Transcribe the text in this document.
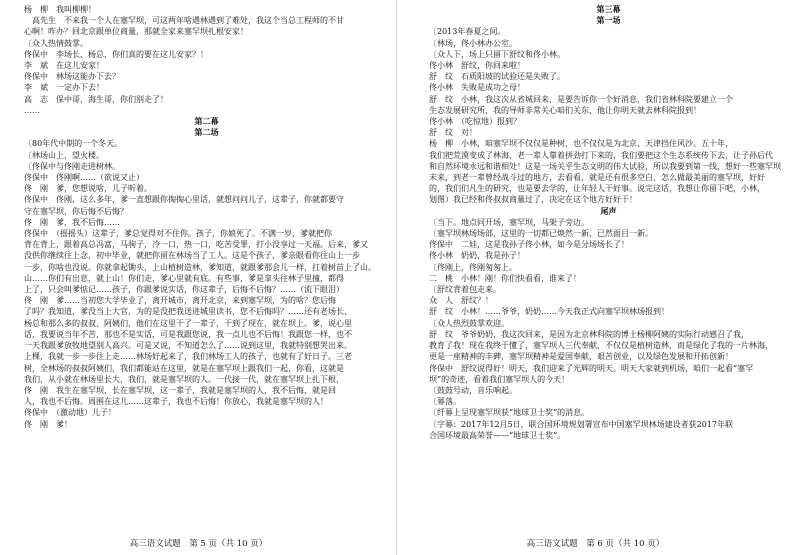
杨　柳　我叫柳柳！
高先生　不来我一个人在塞罕坝，可这两年啥遇林遇到了难处，我这个当总工程师的不甘
心啊！咋办？回北京跟单位商量，那就全家来塞罕坝扎根安家！
〔众人热情鼓掌。
佟保中　李场长、杨总，你们真的要在这儿安家？！
李　斌　在这儿安家！
佟保中　林场这能办下去？
李　斌　一定办下去！
高　志　保中哥，海生哥，你们别走了！
……
第二幕
第二场
〔80年代中期的一个冬天。
〔林场山上，望火楼。
〔佟保中与佟刚走进树林。
佟保中　佟刚啊……（欲说又止）
佟　刚　爹，您想说啥，儿子听着。
佟保中　佟刚，这么多年，爹一直想跟你掏掏心里话，就想问问儿子，这辈子，你就都要守
守在塞罕坝，你后悔不后悔？
佟　刚　爹，我不后悔……
佟保中　（摇摇头）这辈子，爹总觉得对不住你。孩子，你娘死了。不满一岁，爹就把你
背在背上，跟着高总冯富，马驹子，冷一口，热一口，吃苦受罪，打小没享过一天福。后来，爹又
没供你继续往上念，初中毕业，就把你留在林场当了工人。这是个孩子，爹亲眼看你往山上一步
一步，你啥也没说。你就拿起锄头，上山植树造林，爹知道，就跟爹那会儿一样，扛着树苗上了山。
山……你们有出息，就上山！你们走，爹心里就有底。有些事，爹是拿头往林子里撞，都得
上了，只会叫爹惦记……孩子，你跟爹说实话，你这辈子，后悔不后悔？……（流下眼泪）
佟　刚　爹……当初您大学毕业了，离开城市，离开北京，来到塞罕坝，为的啥？您后悔
了吗？我知道，爹没当上大官，为的是没把我送进城里读书，您不后悔吗？……还有老场长、
杨总和那么多的叔叔、阿姨们，他们在这里干了一辈子，干到了现在，就在坝上。爹，说心里
话，我要说当年不苦，那也不是实话，可是我跟您说，我一点儿也不后悔！我跟您一样，也不
一天我跟爹放牧地望别人高兴。可是又说，不知道怎么了……说到这里，我就特别想哭出来。
上棵，我就一步一步往上走……林场好起来了，我们林场工人的孩子，也就有了好日子。三老
树，全林场的叔叔阿姨们，我们都能站在这里，就是在塞罕坝上跟我们一起，你看，这就是
我们，从小就在林场里长大，我们，就是塞罕坝的人。一代接一代，就在塞罕坝上扎下根，
佟　刚　我生在塞罕坝，长在塞罕坝，这一辈子，我就是塞罕坝的人，我不后悔，就是回
人，我也不后悔。周围在这儿……这辈子，我也不后悔！你放心，我就是塞罕坝的人！
佟保中　（激动地）儿子！
佟　刚　爹！
高三语文试题　第 5 页（共 10 页）
第三幕
第一场
〔2013年春夏之间。
〔林场，佟小林办公室。
〔众人下，场上只留下舒纹和佟小林。
佟小林　舒纹，你回来啦！
舒　纹　石质阳坡的试验还是失败了。
佟小林　失败是成功之母！
舒　纹　小林，我这次从省城回来，是要告诉你一个好消息，我们省林科院要建立一个
生态发展研究所，我的导师非常关心咱们关东，他让你明天就去林科院报到！
佟小林　（吃惊地）报到？
舒　纹　对！
杨　柳　小林，咱塞罕坝不仅仅是种树，也不仅仅是为北京、天津挡住风沙。五十年，
我们把荒漠变成了林海，老一辈人靠着拼劲打下来的，我们要把这个生态系统传下去，让子孙后代
和自然环境永远和谐相处！这是一场关乎生态文明的伟大试验，所以我要到第一线，想好一些塞罕坝
未来，到老一辈曾经战斗过的地方，去看看，就是还有很多空白，怎么做最美丽的塞罕坝，好好
的，我们们凡生的研究，也是要去学的，让年轻人干好事。说完这话，我想让你留下吧，小林，
划图）我已经和佟叔叔商量过了，决定在这个地方好好干！
尾声
〔当下。地点同开场，塞罕坝，马架子旁边。
〔塞罕坝林场场部，这里的一切都已焕然一新，已然面目一新。
佟保中　二娃，这是我孙子佟小林，如今是分场场长了！
佟小林　奶奶，我是孙子！
〔佟刚上，佟刚匆匆上。
二　桃　小林！刚！你们快看看，谁来了！
〔舒纹背着包走来。
众　人　舒纹？！
舒　纹　小林！……爷爷，奶奶……今天我正式向塞罕坝林场报到！
〔众人热烈鼓掌欢迎。
舒　纹　爷爷奶奶，我这次回来，是因为北京林科院的博士杨柳阿姨的实际行动感召了我，
教育了我！现在我终于懂了，塞罕坝人三代奉献，不仅仅是植树造林，而是绿化了我的一片林海，
更是一座精神的丰碑，塞罕坝精神是爱国奉献，艰苦创业，以及绿色发展和开拓创新！
佟保中　舒纹说得好！明天，我们迎来了光辉的明天。明天大家就到机场，咱们一起看“塞罕
坝”的奇迹，看着我们塞罕坝人的今天！
〔鼓鼓号动，音乐响起。
〔幕落。
〔纤幕上呈现塞罕坝获“地球卫士奖”的消息。
〔字幕：2017年12月5日，联合国环境规划署宣布中国塞罕坝林场建设者获2017年联
合国环境最高荣誉——“地球卫士奖”。
高三语文试题　第 6 页（共 10 页）
